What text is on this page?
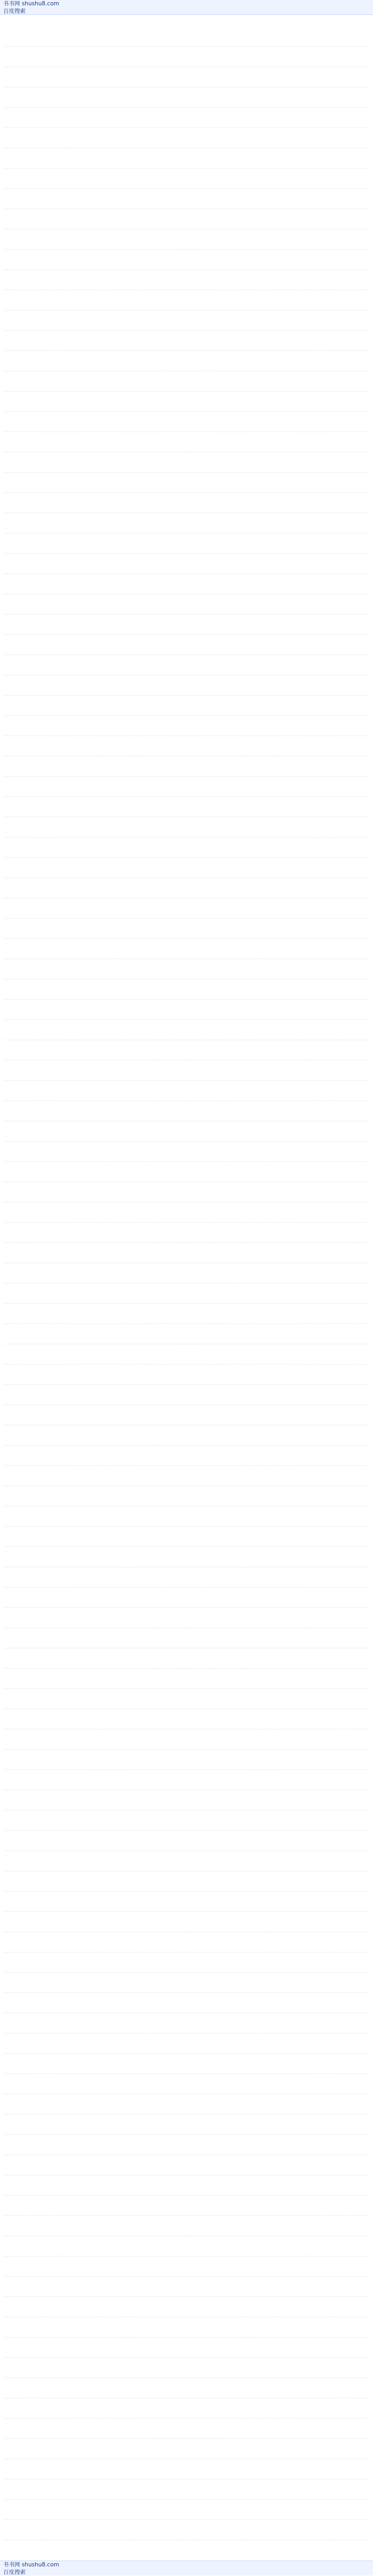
书书网 shushu8.com
百度搜索

书书网 shushu8.com
百度搜索
